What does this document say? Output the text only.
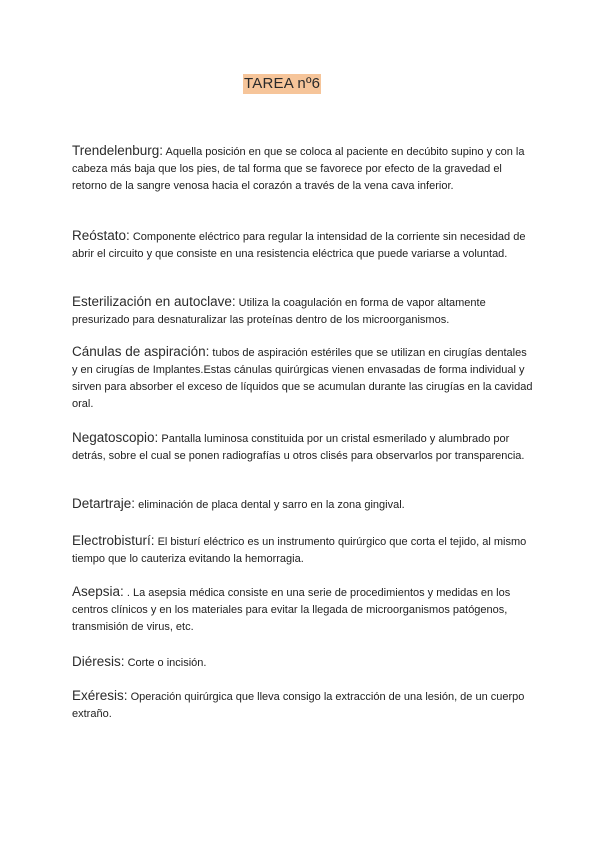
TAREA nº6
Trendelenburg: Aquella posición en que se coloca al paciente en decúbito supino y con la cabeza más baja que los pies, de tal forma que se favorece por efecto de la gravedad el retorno de la sangre venosa hacia el corazón a través de la vena cava inferior.
Reóstato: Componente eléctrico para regular la intensidad de la corriente sin necesidad de abrir el circuito y que consiste en una resistencia eléctrica que puede variarse a voluntad.
Esterilización en autoclave: Utiliza la coagulación en forma de vapor altamente presurizado para desnaturalizar las proteínas dentro de los microorganismos.
Cánulas de aspiración: tubos de aspiración estériles que se utilizan en cirugías dentales y en cirugías de Implantes.Estas cánulas quirúrgicas vienen envasadas de forma individual y sirven para absorber el exceso de líquidos que se acumulan durante las cirugías en la cavidad oral.
Negatoscopio: Pantalla luminosa constituida por un cristal esmerilado y alumbrado por detrás, sobre el cual se ponen radiografías u otros clisés para observarlos por transparencia.
Detartraje: eliminación de placa dental y sarro en la zona gingival.
Electrobisturí: El bisturí eléctrico es un instrumento quirúrgico que corta el tejido, al mismo tiempo que lo cauteriza evitando la hemorragia.
Asepsia: . La asepsia médica consiste en una serie de procedimientos y medidas en los centros clínicos y en los materiales para evitar la llegada de microorganismos patógenos, transmisión de virus, etc.
Diéresis: Corte o incisión.
Exéresis: Operación quirúrgica que lleva consigo la extracción de una lesión, de un cuerpo extraño.
